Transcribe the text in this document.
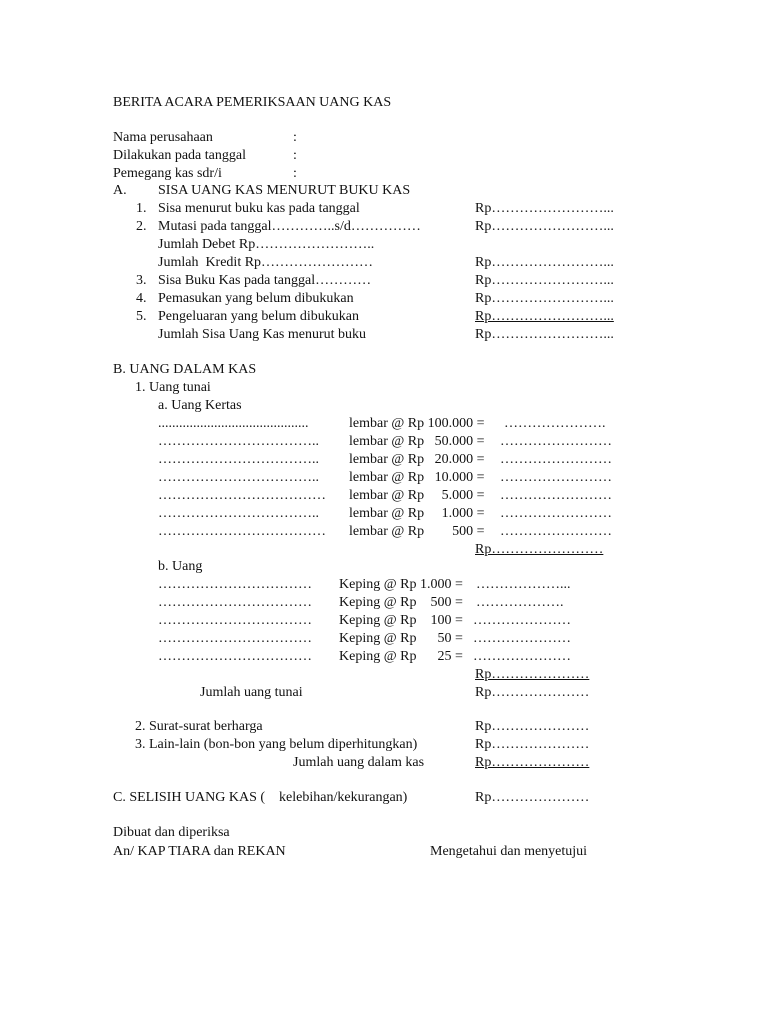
BERITA ACARA PEMERIKSAAN UANG KAS
Nama perusahaan	:
Dilakukan pada tanggal	:
Pemegang kas sdr/i	:
A. SISA UANG KAS MENURUT BUKU KAS
1. Sisa menurut buku kas pada tanggal	Rp……………………...
2. Mutasi pada tanggal…………..s/d……………	Rp……………………...
Jumlah Debet Rp……………………..
Jumlah  Kredit Rp……………………	Rp……………………...
3. Sisa Buku Kas pada tanggal…………	Rp……………………...
4. Pemasukan yang belum dibukukan	Rp……………………...
5. Pengeluaran yang belum dibukukan	Rp……………………...
Jumlah Sisa Uang Kas menurut buku	Rp……………………...
B. UANG DALAM KAS
1. Uang tunai
a. Uang Kertas
...........................................	lembar @ Rp 100.000 = ………………….
…………………………….. lembar @ Rp   50.000 = ……………………
…………………………….. lembar @ Rp   20.000 = ……………………
…………………………….. lembar @ Rp   10.000 = ……………………
……………………………… lembar @ Rp     5.000 = ……………………
…………………………….. lembar @ Rp     1.000 = ……………………
……………………………… lembar @ Rp        500 = ……………………
Rp……………………
b. Uang
…………………………… Keping @ Rp 1.000 = ………………...
…………………………… Keping @ Rp    500 = ……………….
…………………………… Keping @ Rp    100 = …………………
…………………………… Keping @ Rp      50 = …………………
…………………………… Keping @ Rp      25 = …………………
Rp…………………
Jumlah uang tunai	Rp…………………
2. Surat-surat berharga	Rp…………………
3. Lain-lain (bon-bon yang belum diperhitungkan)	Rp…………………
Jumlah uang dalam kas	Rp…………………
C. SELISIH UANG KAS (    kelebihan/kekurangan)	Rp…………………
Dibuat dan diperiksa
An/ KAP TIARA dan REKAN	Mengetahui dan menyetujui
